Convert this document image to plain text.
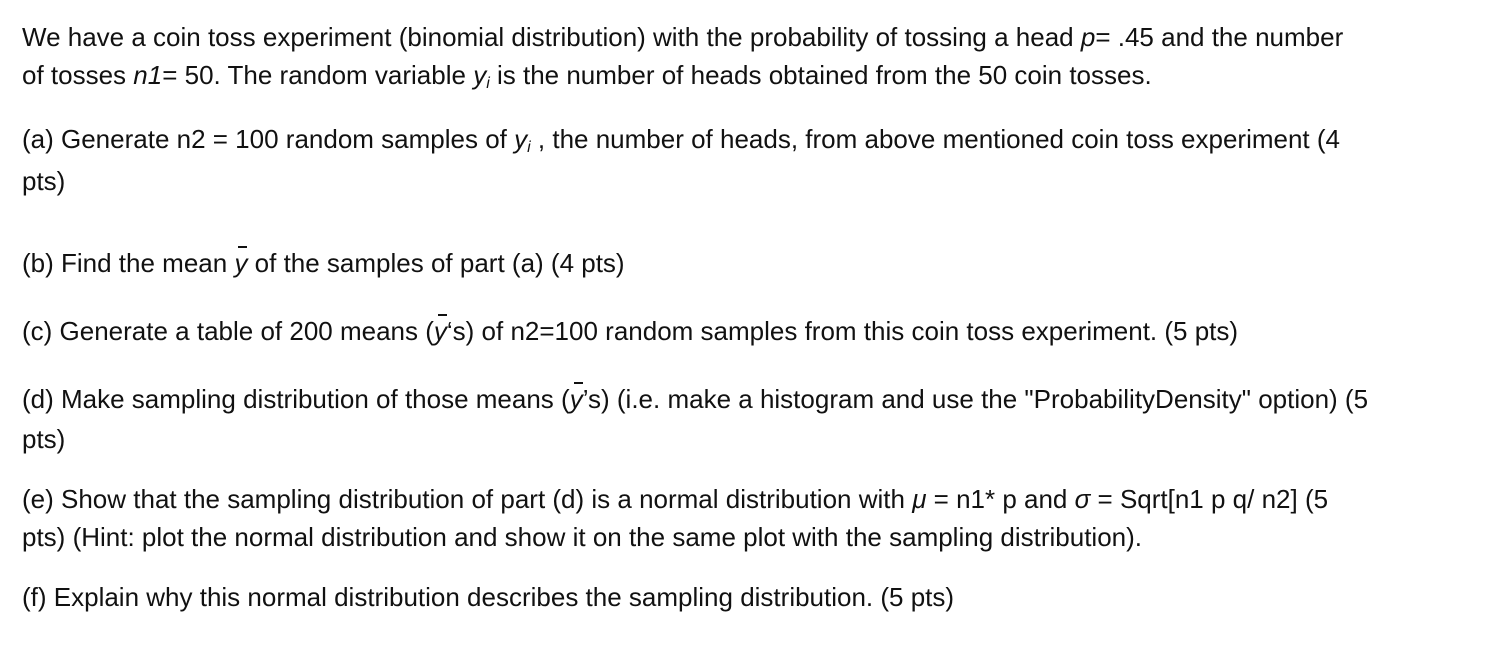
We have a coin toss experiment (binomial distribution) with the probability of tossing a head p= .45 and the number
of tosses n1= 50. The random variable $y_i$ is the number of heads obtained from the 50 coin tosses.
(a) Generate n2 = 100 random samples of $y_i$ , the number of heads, from above mentioned coin toss experiment (4
pts)
(b) Find the mean y of the samples of part (a) (4 pts)
(c) Generate a table of 200 means (y‘s) of n2=100 random samples from this coin toss experiment. (5 pts)
(d) Make sampling distribution of those means (y’s) (i.e. make a histogram and use the "ProbabilityDensity" option) (5
pts)
(e) Show that the sampling distribution of part (d) is a normal distribution with μ = n1* p and σ = Sqrt[n1 p q/ n2] (5
pts) (Hint: plot the normal distribution and show it on the same plot with the sampling distribution).
(f) Explain why this normal distribution describes the sampling distribution. (5 pts)
